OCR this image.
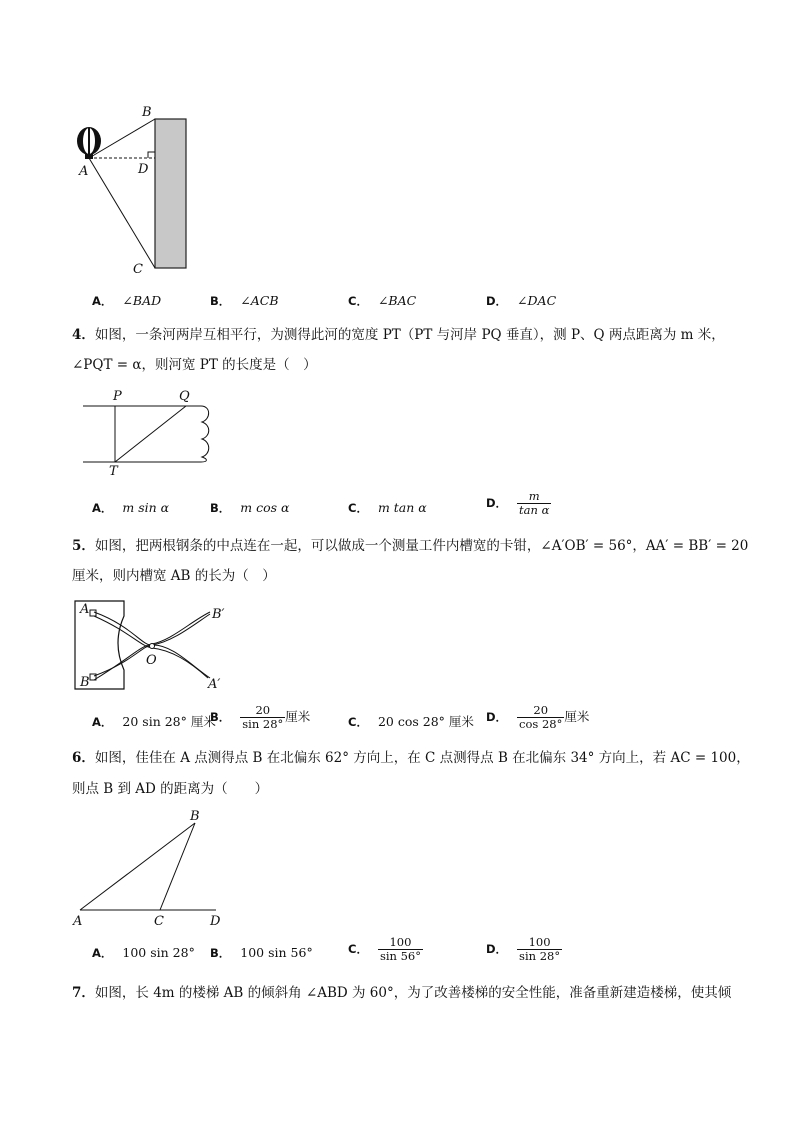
B
A	D
C
A． ∠BAD	B． ∠ACB	C． ∠BAC	D． ∠DAC
4．如图，一条河两岸互相平行，为测得此河的宽度 PT（PT 与河岸 PQ 垂直），测 P、Q 两点距离为 m 米，
∠PQT = α，则河宽 PT 的长度是（　）
P	Q
T
A． m sin α	B． m cos α	C． m tan α	D． $\frac{m}{\text{tan α}}$
5．如图，把两根钢条的中点连在一起，可以做成一个测量工件内槽宽的卡钳，∠A′OB′ = 56°，AA′ = BB′ = 20
厘米，则内槽宽 AB 的长为（　）
A
B
B′
A′
O
A． 20 sin 28° 厘米
B． $\frac{20}{\sin 28^\circ}$ 厘米	C． 20 cos 28° 厘米 D． $\frac{20}{\cos 28^\circ}$ 厘米
6．如图，佳佳在 A 点测得点 B 在北偏东 62° 方向上，在 C 点测得点 B 在北偏东 34° 方向上，若 AC = 100，
则点 B 到 AD 的距离为（　　）
B
A	C	D
A． 100 sin 28° B． 100 sin 56°	C． $\frac{100}{\sin 56^\circ}$	D． $\frac{100}{\sin 28^\circ}$
7．如图，长 4m 的楼梯 AB 的倾斜角 ∠ABD 为 60°，为了改善楼梯的安全性能，准备重新建造楼梯，使其倾
